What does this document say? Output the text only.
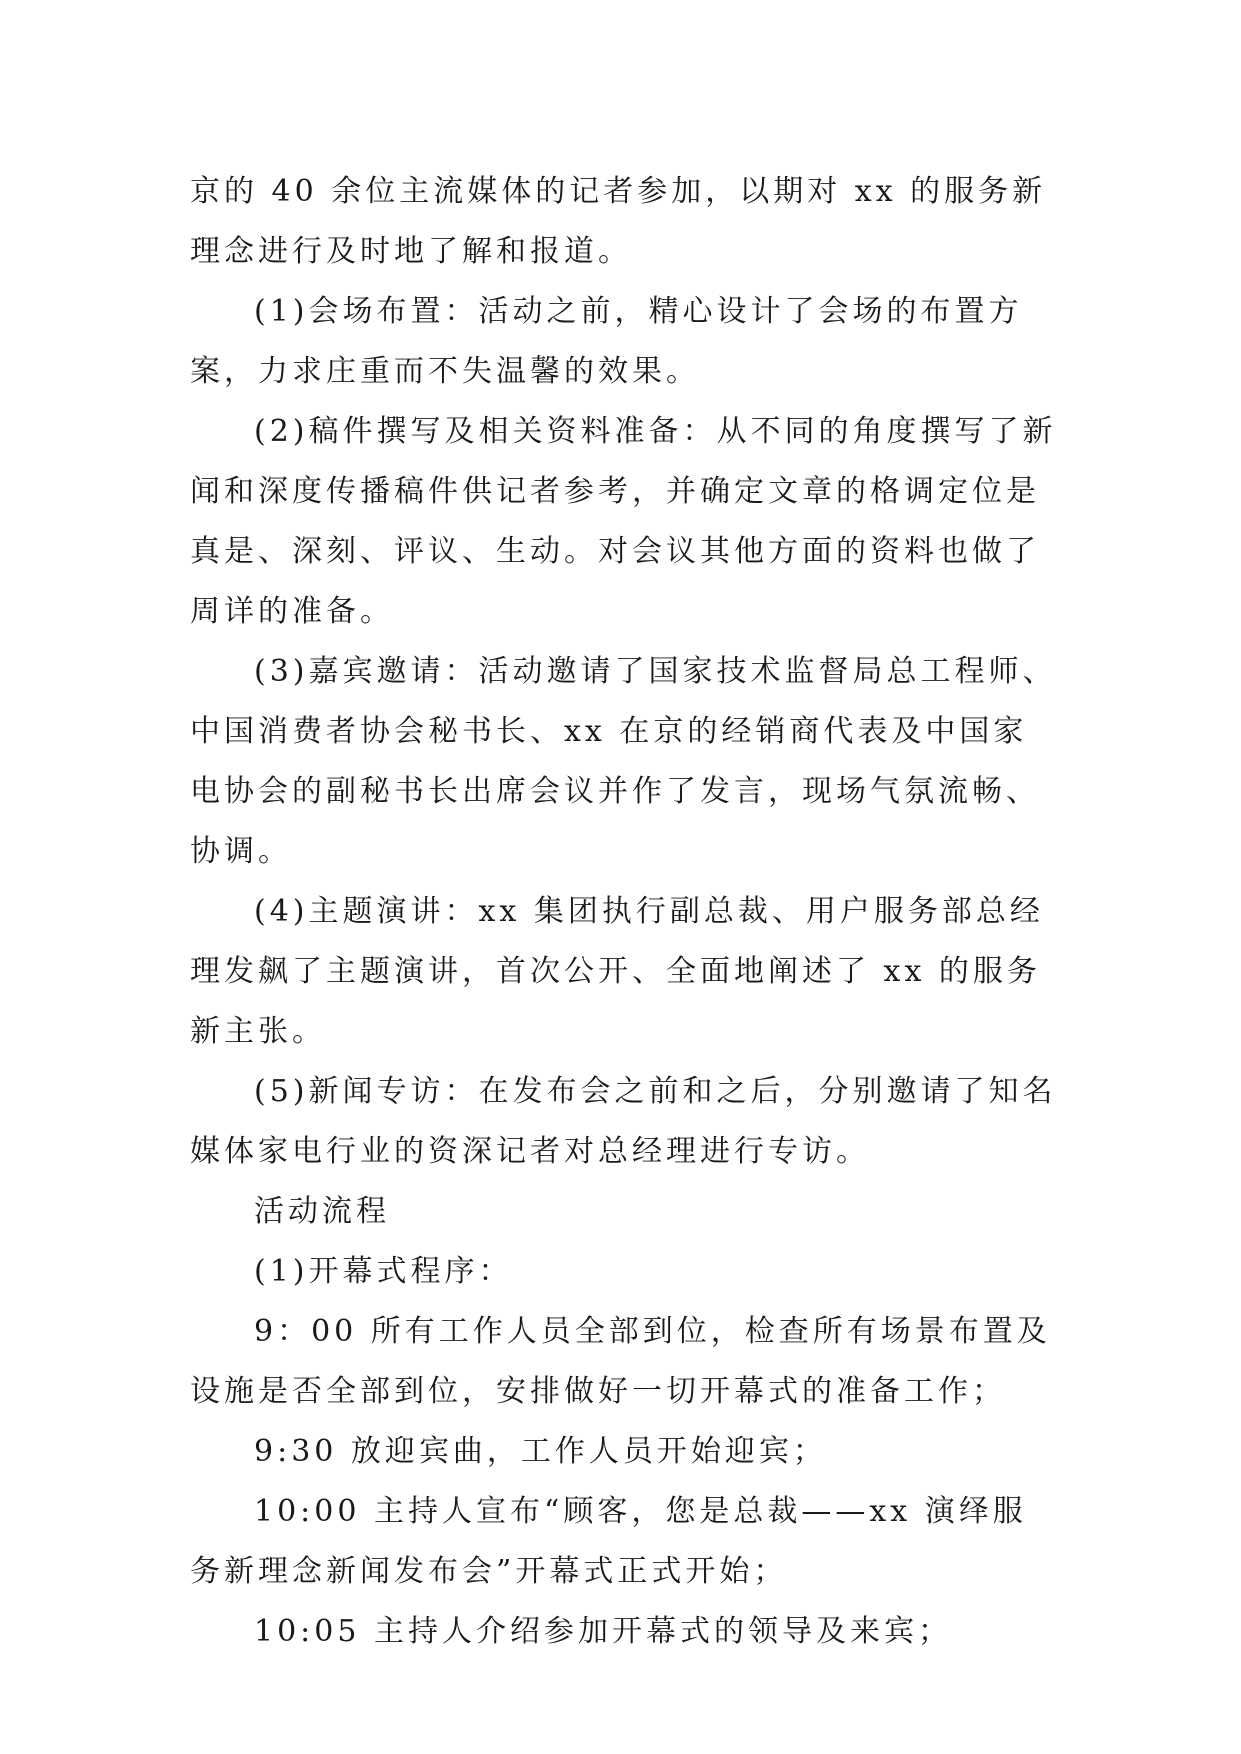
京的 40 余位主流媒体的记者参加，以期对 xx 的服务新理念进行及时地了解和报道。

(1)会场布置：活动之前，精心设计了会场的布置方案，力求庄重而不失温馨的效果。

(2)稿件撰写及相关资料准备：从不同的角度撰写了新闻和深度传播稿件供记者参考，并确定文章的格调定位是真是、深刻、评议、生动。对会议其他方面的资料也做了周详的准备。

(3)嘉宾邀请：活动邀请了国家技术监督局总工程师、中国消费者协会秘书长、xx 在京的经销商代表及中国家电协会的副秘书长出席会议并作了发言，现场气氛流畅、协调。

(4)主题演讲：xx 集团执行副总裁、用户服务部总经理发飙了主题演讲，首次公开、全面地阐述了 xx 的服务新主张。

(5)新闻专访：在发布会之前和之后，分别邀请了知名媒体家电行业的资深记者对总经理进行专访。

活动流程

(1)开幕式程序：

9：00 所有工作人员全部到位，检查所有场景布置及设施是否全部到位，安排做好一切开幕式的准备工作；

9:30 放迎宾曲，工作人员开始迎宾；

10:00 主持人宣布“顾客，您是总裁——xx 演绎服务新理念新闻发布会”开幕式正式开始；

10:05 主持人介绍参加开幕式的领导及来宾；
